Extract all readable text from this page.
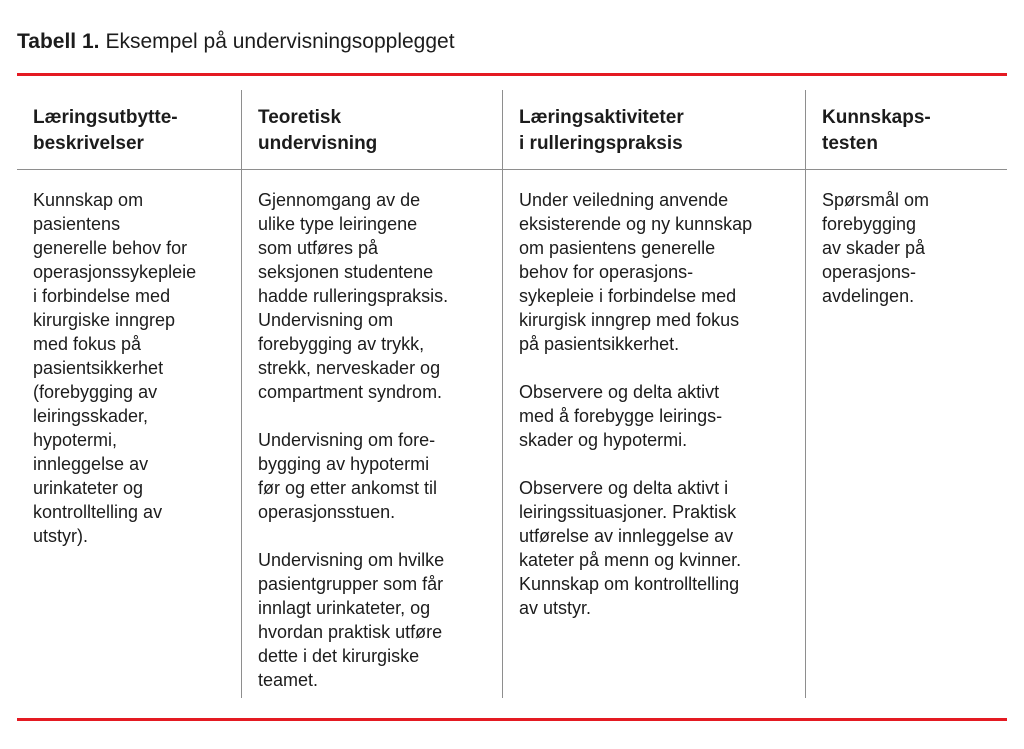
Tabell 1. Eksempel på undervisningsopplegget

Læringsutbytte-
beskrivelser

Kunnskap om
pasientens
generelle behov for
operasjonssykepleie
i forbindelse med
kirurgiske inngrep
med fokus på
pasientsikkerhet
(forebygging av
leiringsskader,
hypotermi,
innleggelse av
urinkateter og
kontrolltelling av
utstyr).

Teoretisk
undervisning

Gjennomgang av de
ulike type leiringene
som utføres på
seksjonen studentene
hadde rulleringspraksis.
Undervisning om
forebygging av trykk,
strekk, nerveskader og
compartment syndrom.

Undervisning om fore-
bygging av hypotermi
før og etter ankomst til
operasjonsstuen.

Undervisning om hvilke
pasientgrupper som får
innlagt urinkateter, og
hvordan praktisk utføre
dette i det kirurgiske
teamet.

Læringsaktiviteter
i rulleringspraksis

Under veiledning anvende
eksisterende og ny kunnskap
om pasientens generelle
behov for operasjons-
sykepleie i forbindelse med
kirurgisk inngrep med fokus
på pasientsikkerhet.

Observere og delta aktivt
med å forebygge leirings-
skader og hypotermi.

Observere og delta aktivt i
leiringssituasjoner. Praktisk
utførelse av innleggelse av
kateter på menn og kvinner.
Kunnskap om kontrolltelling
av utstyr.

Kunnskaps-
testen

Spørsmål om
forebygging
av skader på
operasjons-
avdelingen.
